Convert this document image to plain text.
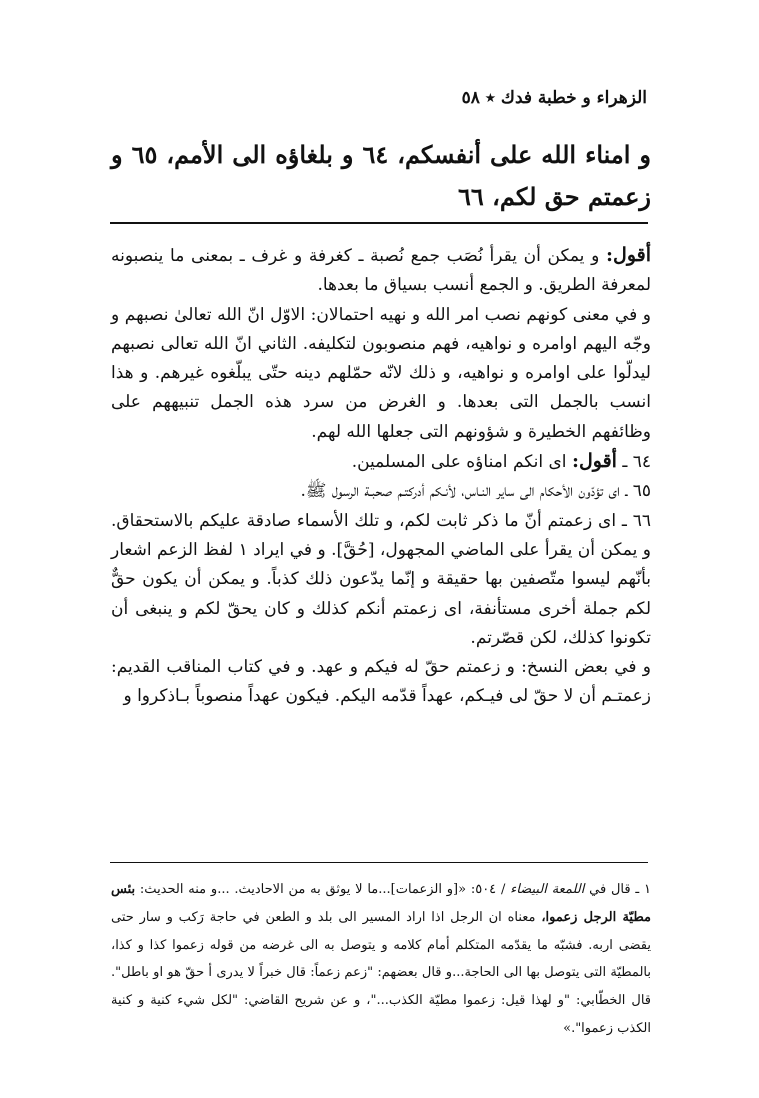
الزهراء و خطبة فدك ٭ ٥٨
و امناء الله على أنفسكم، ٦٤ و بلغاؤه الى الأمم، ٦٥ و زعمتم حق لكم، ٦٦

أقول: و يمكن أن يقرأ نُصَب جمع نُصبة ـ كغرفة و غرف ـ بمعنى ما ينصبونه لمعرفة الطريق. و الجمع أنسب بسياق ما بعدها.

و في معنى كونهم نصب امر الله و نهيه احتمالان: الاوّل انّ الله تعالىٰ نصبهم و وجّه اليهم اوامره و نواهيه، فهم منصوبون لتكليفه. الثاني انّ الله تعالى نصبهم ليدلّوا على اوامره و نواهيه، و ذلك لانّه حمّلهم دينه حتّى يبلّغوه غيرهم. و هذا انسب بالجمل التى بعدها. و الغرض من سرد هذه الجمل تنبيههم على وظائفهم الخطيرة و شؤونهم التى جعلها الله لهم.

٦٤ ـ أقول: اى انكم امناؤه على المسلمين.

٦٥ ـ اى تؤدّون الأحكام الى ساير النـاس، لأنـكم أدركتـم صحبـة الرسول ﷺ.

٦٦ ـ اى زعمتم أنّ ما ذكر ثابت لكم، و تلك الأسماء صادقة عليكم بالاستحقاق. و يمكن أن يقرأ على الماضي المجهول، [حُقَّ]. و في ايراد ١ لفظ الزعم اشعار بأنّهم ليسوا متّصفين بها حقيقة و إنّما يدّعون ذلك كذباً. و يمكن أن يكون حقٌّ لكم جملة أخرى مستأنفة، اى زعمتم أنكم كذلك و كان يحقّ لكم و ينبغى أن تكونوا كذلك، لكن قصّرتم.

و في بعض النسخ: و زعمتم حقّ له فيكم و عهد. و في كتاب المناقب القديم: زعمتـم أن لا حقّ لى فيـكم، عهداً قدّمه اليكم. فيكون عهداً منصوباً بـاذكروا و

١ ـ قال في اللمعة البيضاء / ٥٠٤: «[و الزعمات]...ما لا يوثق به من الاحاديث. ...و منه الحديث: بئس مطيّة الرجل زعموا، معناه ان الرجل اذا اراد المسير الى بلد و الطعن في حاجة رَكب و سار حتى يقضى اربه. فشبّه ما يقدّمه المتكلم أمام كلامه و يتوصل به الى غرضه من قوله زعموا كذا و كذا، بالمطيّة التى يتوصل بها الى الحاجة...و قال بعضهم: "زعم زعماً: قال خبراً لا يدرى أ حقّ هو او باطل". قال الخطّابي: "و لهذا قيل: زعموا مطيّة الكذب..."، و عن شريح القاضي: "لكل شيء كنية و كنية الكذب زعموا".»
